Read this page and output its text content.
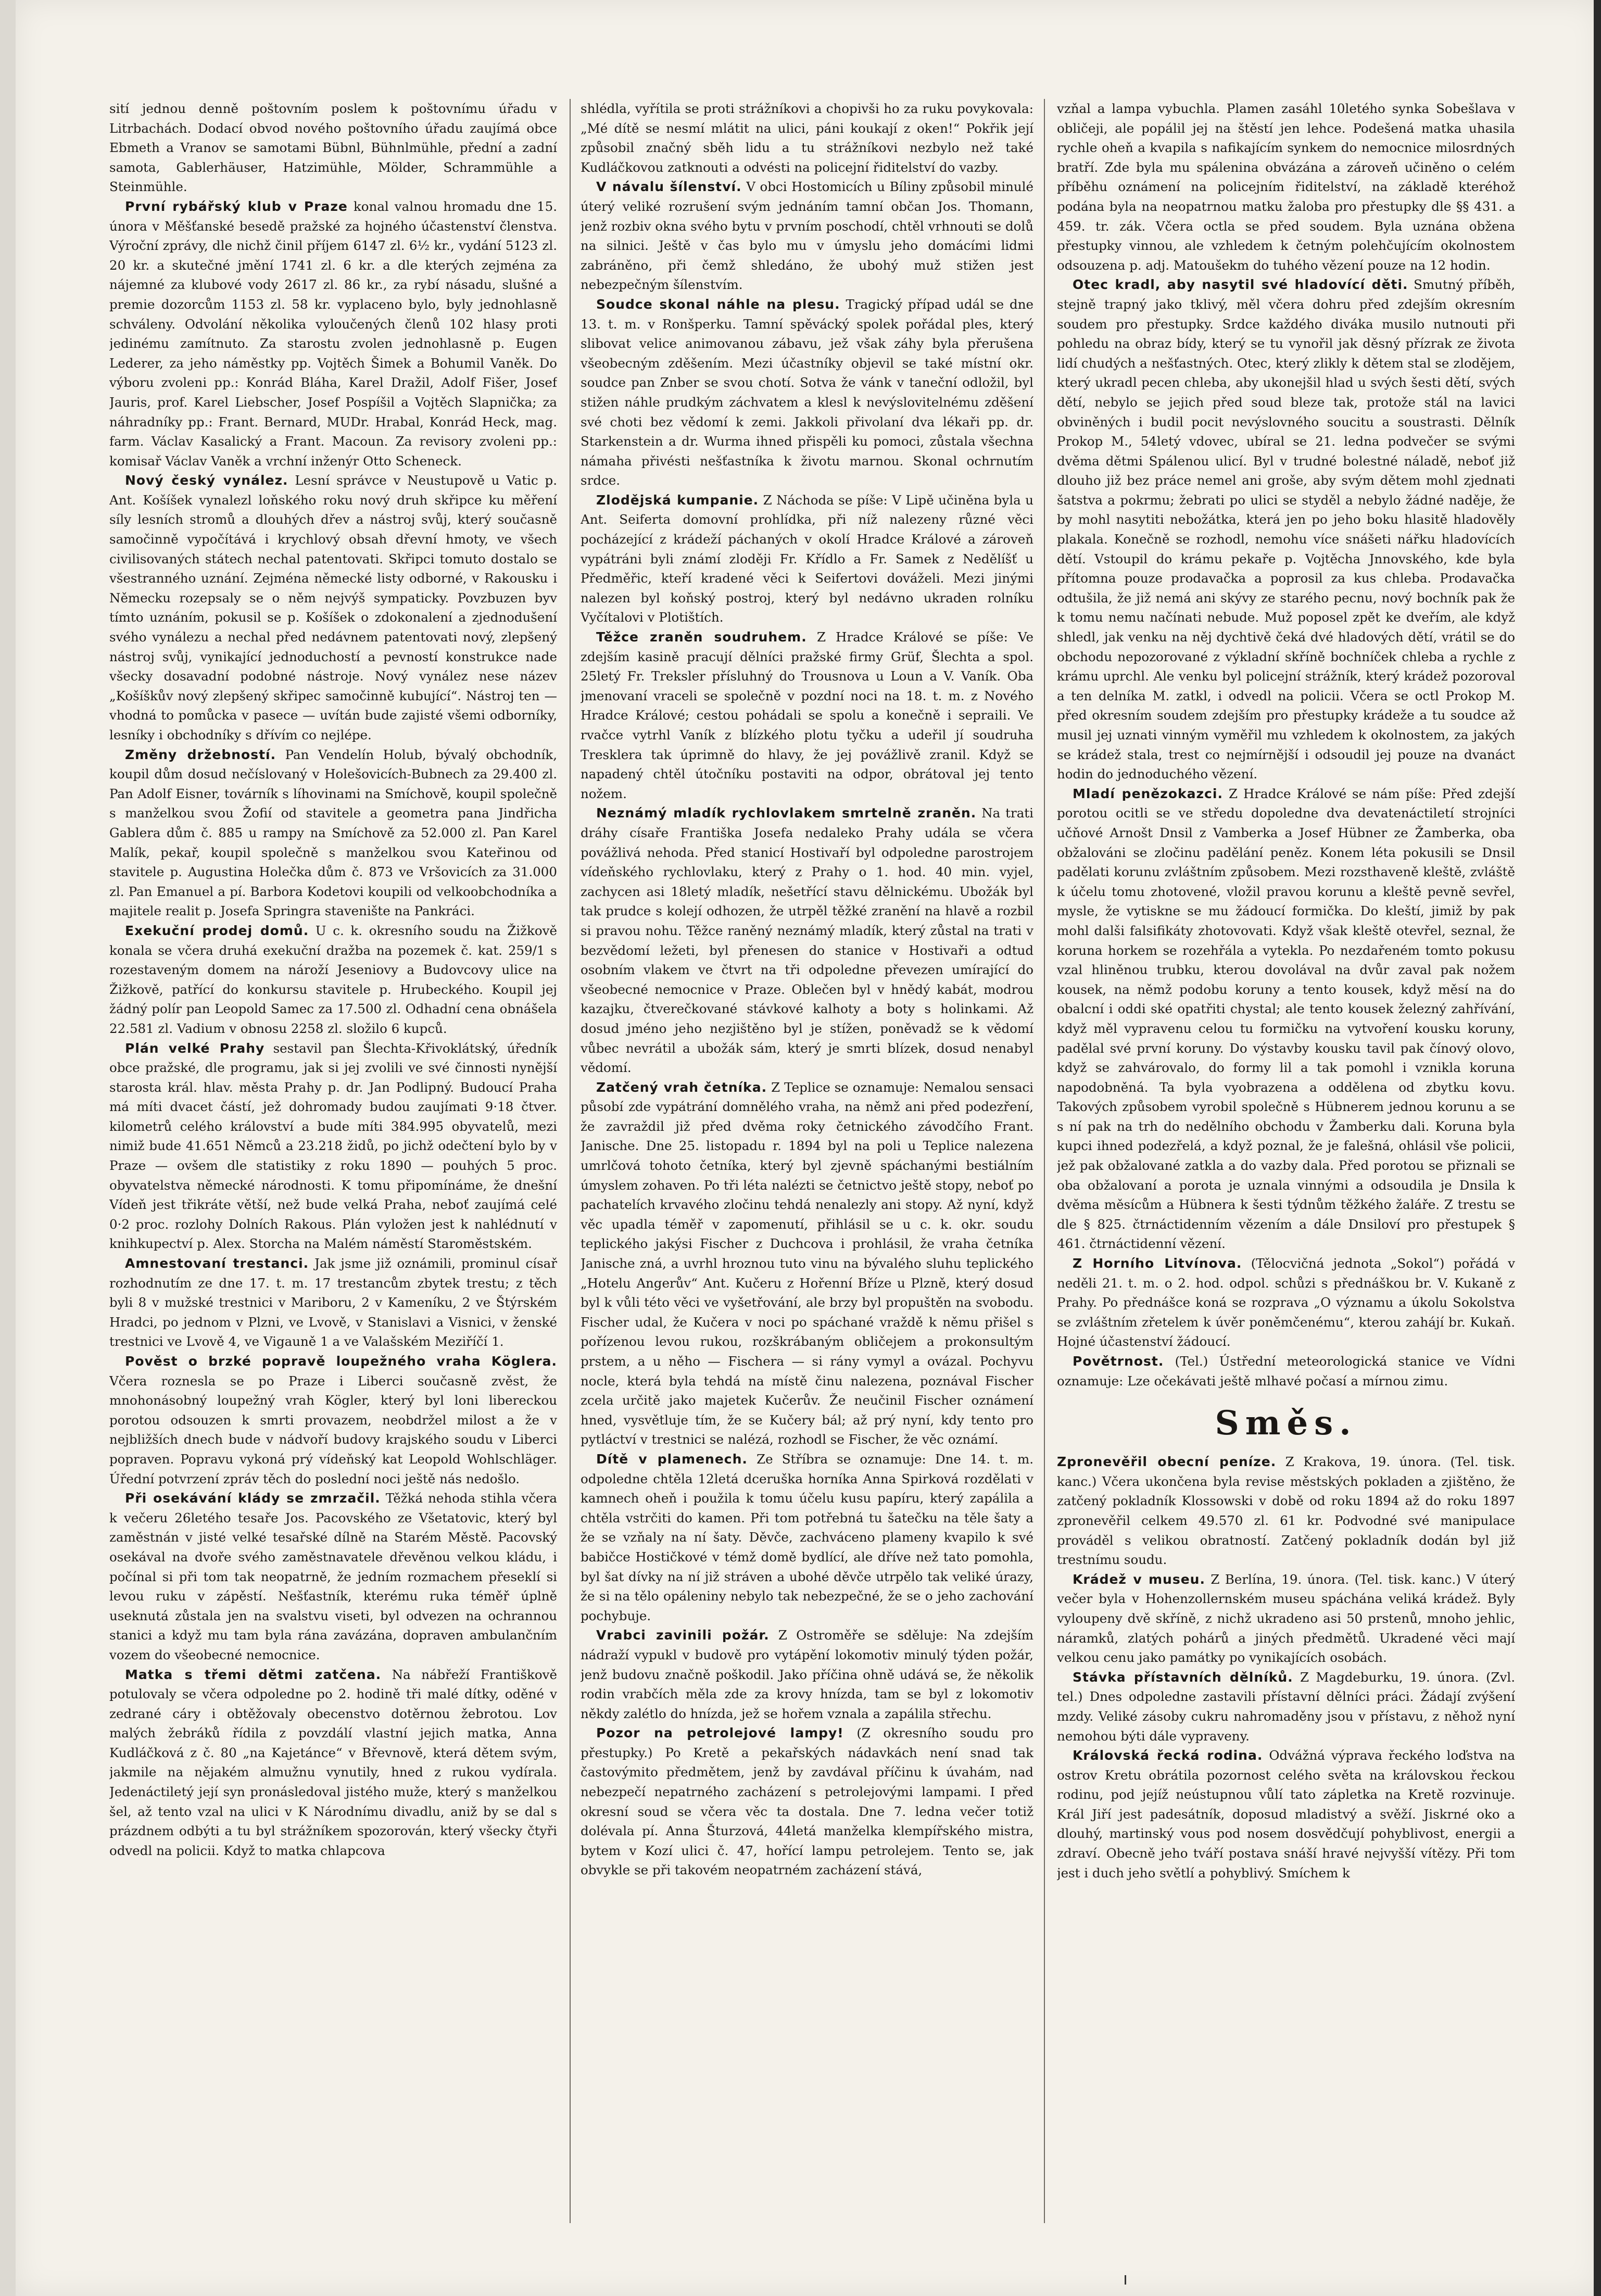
sití jednou denně poštovním poslem k poštovnímu úřadu v Litrbachách. Dodací obvod nového poštovního úřadu zaujímá obce Ebmeth a Vranov se samotami Bübnl, Bühnlmühle, přední a zadní samota, Gablerhäuser, Hatzimühle, Mölder, Schrammühle a Steinmühle.

První rybářský klub v Praze konal valnou hromadu dne 15. února v Měšťanské besedě pražské za hojného účastenství členstva. Výroční zprávy, dle nichž činil příjem 6147 zl. 6½ kr., vydání 5123 zl. 20 kr. a skutečné jmění 1741 zl. 6 kr. a dle kterých zejména za nájemné za klubové vody 2617 zl. 86 kr., za rybí násadu, slušné a premie dozorcům 1153 zl. 58 kr. vyplaceno bylo, byly jednohlasně schváleny. Odvolání několika vyloučených členů 102 hlasy proti jedinému zamítnuto. Za starostu zvolen jednohlasně p. Eugen Lederer, za jeho náměstky pp. Vojtěch Šimek a Bohumil Vaněk. Do výboru zvoleni pp.: Konrád Bláha, Karel Dražil, Adolf Fišer, Josef Jauris, prof. Karel Liebscher, Josef Pospíšil a Vojtěch Slapnička; za náhradníky pp.: Frant. Bernard, MUDr. Hrabal, Konrád Heck, mag. farm. Václav Kasalický a Frant. Macoun. Za revisory zvoleni pp.: komisař Václav Vaněk a vrchní inženýr Otto Scheneck.

Nový český vynález. Lesní správce v Neustupově u Vatic p. Ant. Košíšek vynalezl loňského roku nový druh skřipce ku měření síly lesních stromů a dlouhých dřev a nástroj svůj, který současně samočinně vypočítává i krychlový obsah dřevní hmoty, ve všech civilisovaných státech nechal patentovati. Skřipci tomuto dostalo se všestranného uznání. Zejména německé listy odborné, v Rakousku i Německu rozepsaly se o něm nejvýš sympaticky. Povzbuzen byv tímto uznáním, pokusil se p. Košíšek o zdokonalení a zjednodušení svého vynálezu a nechal před nedávnem patentovati nový, zlepšený nástroj svůj, vynikající jednoduchostí a pevností konstrukce nade všecky dosavadní podobné nástroje. Nový vynález nese název „Košíškův nový zlepšený skřipec samočinně kubující“. Nástroj ten — vhodná to pomůcka v pasece — uvítán bude zajisté všemi odborníky, lesníky i obchodníky s dřívím co nejlépe.

Změny držebností. Pan Vendelín Holub, bývalý obchodník, koupil dům dosud nečíslovaný v Holešovicích-Bubnech za 29.400 zl. Pan Adolf Eisner, továrník s líhovinami na Smíchově, koupil společně s manželkou svou Žofií od stavitele a geometra pana Jindřicha Gablera dům č. 885 u rampy na Smíchově za 52.000 zl. Pan Karel Malík, pekař, koupil společně s manželkou svou Kateřinou od stavitele p. Augustina Holečka dům č. 873 ve Vršovicích za 31.000 zl. Pan Emanuel a pí. Barbora Kodetovi koupili od velkoobchodníka a majitele realit p. Josefa Springra stavenište na Pankráci.

Exekuční prodej domů. U c. k. okresního soudu na Žižkově konala se včera druhá exekuční dražba na pozemek č. kat. 259/1 s rozestaveným domem na nároží Jeseniovy a Budovcovy ulice na Žižkově, patřící do konkursu stavitele p. Hrubeckého. Koupil jej žádný polír pan Leopold Samec za 17.500 zl. Odhadní cena obnášela 22.581 zl. Vadium v obnosu 2258 zl. složilo 6 kupců.

Plán velké Prahy sestavil pan Šlechta-Křivoklátský, úředník obce pražské, dle programu, jak si jej zvolili ve své činnosti nynější starosta král. hlav. města Prahy p. dr. Jan Podlipný. Budoucí Praha má míti dvacet částí, jež dohromady budou zaujímati 9·18 čtver. kilometrů celého království a bude míti 384.995 obyvatelů, mezi nimiž bude 41.651 Němců a 23.218 židů, po jichž odečtení bylo by v Praze — ovšem dle statistiky z roku 1890 — pouhých 5 proc. obyvatelstva německé národnosti. K tomu připomínáme, že dnešní Vídeň jest třikráte větší, než bude velká Praha, neboť zaujímá celé 0·2 proc. rozlohy Dolních Rakous. Plán vyložen jest k nahlédnutí v knihkupectví p. Alex. Storcha na Malém náměstí Staroměstském.

Amnestovaní trestanci. Jak jsme již oznámili, prominul císař rozhodnutím ze dne 17. t. m. 17 trestancům zbytek trestu; z těch byli 8 v mužské trestnici v Mariboru, 2 v Kameníku, 2 ve Štýrském Hradci, po jednom v Plzni, ve Lvově, v Stanislavi a Visnici, v ženské trestnici ve Lvově 4, ve Vigauně 1 a ve Valašském Meziříčí 1.

Pověst o brzké popravě loupežného vraha Köglera. Včera roznesla se po Praze i Liberci současně zvěst, že mnohonásobný loupežný vrah Kögler, který byl loni libereckou porotou odsouzen k smrti provazem, neobdržel milost a že v nejbližších dnech bude v nádvoří budovy krajského soudu v Liberci popraven. Popravu vykoná prý vídeňský kat Leopold Wohlschläger. Úřední potvrzení zpráv těch do poslední noci ještě nás nedošlo.

Při osekávání klády se zmrzačil. Těžká nehoda stihla včera k večeru 26letého tesaře Jos. Pacovského ze Všetatovic, který byl zaměstnán v jisté velké tesařské dílně na Starém Městě. Pacovský osekával na dvoře svého zaměstnavatele dřevěnou velkou kládu, i počínal si při tom tak neopatrně, že jedním rozmachem přeseklí si levou ruku v zápěstí. Nešťastník, kterému ruka téměř úplně useknutá zůstala jen na svalstvu viseti, byl odvezen na ochrannou stanici a když mu tam byla rána zavázána, dopraven ambulančním vozem do všeobecné nemocnice.

Matka s třemi dětmi zatčena. Na nábřeží Františkově potulovaly se včera odpoledne po 2. hodině tři malé dítky, oděné v zedrané cáry i obtěžovaly obecenstvo dotěrnou žebrotou. Lov malých žebráků řídila z povzdálí vlastní jejich matka, Anna Kudláčková z č. 80 „na Kajetánce“ v Břevnově, která dětem svým, jakmile na nějakém almužnu vynutily, hned z rukou vydírala. Jedenáctiletý její syn pronásledoval jistého muže, který s manželkou šel, až tento vzal na ulici v K Národnímu divadlu, aniž by se dal s prázdnem odbýti a tu byl strážníkem spozorován, který všecky čtyři odvedl na policii. Když to matka chlapcova

shlédla, vyřítila se proti strážníkovi a chopivši ho za ruku povykovala: „Mé dítě se nesmí mlátit na ulici, páni koukají z oken!“ Pokřik její způsobil značný sběh lidu a tu strážníkovi nezbylo než také Kudláčkovou zatknouti a odvésti na policejní řiditelství do vazby.

V návalu šílenství. V obci Hostomicích u Bíliny způsobil minulé úterý veliké rozrušení svým jednáním tamní občan Jos. Thomann, jenž rozbiv okna svého bytu v prvním poschodí, chtěl vrhnouti se dolů na silnici. Ještě v čas bylo mu v úmyslu jeho domácími lidmi zabráněno, při čemž shledáno, že ubohý muž stižen jest nebezpečným šílenstvím.

Soudce skonal náhle na plesu. Tragický případ udál se dne 13. t. m. v Ronšperku. Tamní spěvácký spolek pořádal ples, který slibovat velice animovanou zábavu, jež však záhy byla přerušena všeobecným zděšením. Mezi účastníky objevil se také místní okr. soudce pan Znber se svou chotí. Sotva že vánk v taneční odložil, byl stižen náhle prudkým záchvatem a klesl k nevýslovitelnému zděšení své choti bez vědomí k zemi. Jakkoli přivolaní dva lékaři pp. dr. Starkenstein a dr. Wurma ihned přispěli ku pomoci, zůstala všechna námaha přivésti nešťastníka k životu marnou. Skonal ochrnutím srdce.

Zlodějská kumpanie. Z Náchoda se píše: V Lipě učiněna byla u Ant. Seiferta domovní prohlídka, při níž nalezeny různé věci pocházející z krádeží páchaných v okolí Hradce Králové a zároveň vypátráni byli známí zloději Fr. Křídlo a Fr. Samek z Nedělíšť u Předměřic, kteří kradené věci k Seifertovi dováželi. Mezi jinými nalezen byl koňský postroj, který byl nedávno ukraden rolníku Vyčítalovi v Plotištích.

Těžce zraněn soudruhem. Z Hradce Králové se píše: Ve zdejším kasině pracují dělníci pražské firmy Grüf, Šlechta a spol. 25letý Fr. Treksler přísluhný do Trousnova u Loun a V. Vaník. Oba jmenovaní vraceli se společně v pozdní noci na 18. t. m. z Nového Hradce Králové; cestou pohádali se spolu a konečně i sepraili. Ve rvačce vytrhl Vaník z blízkého plotu tyčku a udeřil jí soudruha Tresklera tak úprimně do hlavy, že jej povážlivě zranil. Když se napadený chtěl útočníku postaviti na odpor, obrátoval jej tento nožem.

Neznámý mladík rychlovlakem smrtelně zraněn. Na trati dráhy císaře Františka Josefa nedaleko Prahy udála se včera povážlivá nehoda. Před stanicí Hostivaří byl odpoledne parostrojem vídeňského rychlovlaku, který z Prahy o 1. hod. 40 min. vyjel, zachycen asi 18letý mladík, nešetřící stavu dělnickému. Ubožák byl tak prudce s kolejí odhozen, že utrpěl těžké zranění na hlavě a rozbil si pravou nohu. Těžce raněný neznámý mladík, který zůstal na trati v bezvědomí ležeti, byl přenesen do stanice v Hostivaři a odtud osobním vlakem ve čtvrt na tři odpoledne převezen umírající do všeobecné nemocnice v Praze. Oblečen byl v hnědý kabát, modrou kazajku, čtverečkované stávkové kalhoty a boty s holinkami. Až dosud jméno jeho nezjištěno byl je stížen, poněvadž se k vědomí vůbec nevrátil a ubožák sám, který je smrti blízek, dosud nenabyl vědomí.

Zatčený vrah četníka. Z Teplice se oznamuje: Nemalou sensaci působí zde vypátrání domnělého vraha, na němž ani před podezření, že zavraždil již před dvěma roky četnického závodčího Frant. Janische. Dne 25. listopadu r. 1894 byl na poli u Teplice nalezena umrlčová tohoto četníka, který byl zjevně spáchanými bestiálním úmyslem zohaven. Po tři léta nalézti se četnictvo ještě stopy, neboť po pachatelích krvavého zločinu tehdá nenalezly ani stopy. Až nyní, když věc upadla téměř v zapomenutí, přihlásil se u c. k. okr. soudu teplického jakýsi Fischer z Duchcova i prohlásil, že vraha četníka Janische zná, a uvrhl hroznou tuto vinu na bývalého sluhu teplického „Hotelu Angerův“ Ant. Kučeru z Hořenní Bříze u Plzně, který dosud byl k vůli této věci ve vyšetřování, ale brzy byl propuštěn na svobodu. Fischer udal, že Kučera v noci po spáchané vraždě k němu přišel s pořízenou levou rukou, rozškrábaným obličejem a prokonsultým prstem, a u něho — Fischera — si rány vymyl a ovázal. Pochyvu nocle, která byla tehdá na místě činu nalezena, poznával Fischer zcela určitě jako majetek Kučerův. Že neučinil Fischer oznámení hned, vysvětluje tím, že se Kučery bál; až prý nyní, kdy tento pro pytláctví v trestnici se nalézá, rozhodl se Fischer, že věc oznámí.

Dítě v plamenech. Ze Stříbra se oznamuje: Dne 14. t. m. odpoledne chtěla 12letá dceruška horníka Anna Spirková rozdělati v kamnech oheň i použila k tomu účelu kusu papíru, který zapálila a chtěla vstrčiti do kamen. Při tom potřebná tu šatečku na těle šaty a že se vzňaly na ní šaty. Děvče, zachváceno plameny kvapilo k své babičce Hostičkové v témž domě bydlící, ale dříve než tato pomohla, byl šat dívky na ní již stráven a ubohé děvče utrpělo tak veliké úrazy, že si na tělo opáleniny nebylo tak nebezpečné, že se o jeho zachování pochybuje.

Vrabci zavinili požár. Z Ostroměře se sděluje: Na zdejším nádraží vypukl v budově pro vytápění lokomotiv minulý týden požár, jenž budovu značně poškodil. Jako příčina ohně udává se, že několik rodin vrabčích měla zde za krovy hnízda, tam se byl z lokomotiv někdy zalétlo do hnízda, jež se hořem vznala a zapálila střechu.

Pozor na petrolejové lampy! (Z okresního soudu pro přestupky.) Po Kretě a pekařských nádavkách není snad tak častovýmito předmětem, jenž by zavdával příčinu k úvahám, nad nebezpečí nepatrného zacházení s petrolejovými lampami. I před okresní soud se včera věc ta dostala. Dne 7. ledna večer totiž dolévala pí. Anna Šturzová, 44letá manželka klempířského mistra, bytem v Kozí ulici č. 47, hořící lampu petrolejem. Tento se, jak obvykle se při takovém neopatrném zacházení stává,

vzňal a lampa vybuchla. Plamen zasáhl 10letého synka Sobešlava v obličeji, ale popálil jej na štěstí jen lehce. Podešená matka uhasila rychle oheň a kvapila s nafikajícím synkem do nemocnice milosrdných bratří. Zde byla mu spálenina obvázána a zároveň učiněno o celém příběhu oznámení na policejním řiditelství, na základě kteréhož podána byla na neopatrnou matku žaloba pro přestupky dle §§ 431. a 459. tr. zák. Včera octla se před soudem. Byla uznána obžena přestupky vinnou, ale vzhledem k četným polehčujícím okolnostem odsouzena p. adj. Matoušekm do tuhého vězení pouze na 12 hodin.

Otec kradl, aby nasytil své hladovící děti. Smutný příběh, stejně trapný jako tklivý, měl včera dohru před zdejším okresním soudem pro přestupky. Srdce každého diváka musilo nutnouti při pohledu na obraz bídy, který se tu vynořil jak děsný přízrak ze života lidí chudých a nešťastných. Otec, který zlikly k dětem stal se zlodějem, který ukradl pecen chleba, aby ukonejšil hlad u svých šesti dětí, svých dětí, nebylo se jejich před soud bleze tak, protože stál na lavici obviněných i budil pocit nevýslovného soucitu a soustrasti. Dělník Prokop M., 54letý vdovec, ubíral se 21. ledna podvečer se svými dvěma dětmi Spálenou ulicí. Byl v trudné bolestné náladě, neboť již dlouho již bez práce nemel ani groše, aby svým dětem mohl zjednati šatstva a pokrmu; žebrati po ulici se styděl a nebylo žádné naděje, že by mohl nasytiti nebožátka, která jen po jeho boku hlasitě hladověly plakala. Konečně se rozhodl, nemohu více snášeti nářku hladovících dětí. Vstoupil do krámu pekaře p. Vojtěcha Jnnovského, kde byla přítomna pouze prodavačka a poprosil za kus chleba. Prodavačka odtušila, že již nemá ani skývy ze starého pecnu, nový bochník pak že k tomu nemu načínati nebude. Muž poposel zpět ke dveřím, ale když shledl, jak venku na něj dychtivě čeká dvé hladových dětí, vrátil se do obchodu nepozorované z výkladní skříně bochníček chleba a rychle z krámu uprchl. Ale venku byl policejní strážník, který krádež pozoroval a ten delníka M. zatkl, i odvedl na policii. Včera se octl Prokop M. před okresním soudem zdejším pro přestupky krádeže a tu soudce až musil jej uznati vinným vyměřil mu vzhledem k okolnostem, za jakých se krádež stala, trest co nejmírnější i odsoudil jej pouze na dvanáct hodin do jednoduchého vězení.

Mladí penězokazci. Z Hradce Králové se nám píše: Před zdejší porotou ocitli se ve středu dopoledne dva devatenáctiletí strojníci učňové Arnošt Dnsil z Vamberka a Josef Hübner ze Žamberka, oba obžalováni se zločinu padělání peněz. Konem léta pokusili se Dnsil padělati korunu zvláštním způsobem. Mezi rozsthaveně kleště, zvláště k účelu tomu zhotovené, vložil pravou korunu a kleště pevně sevřel, mysle, že vytiskne se mu žádoucí formička. Do kleští, jimiž by pak mohl dalši falsifikáty zhotovovati. Když však kleště otevřel, seznal, že koruna horkem se rozehřála a vytekla. Po nezdařeném tomto pokusu vzal hliněnou trubku, kterou dovolával na dvůr zaval pak nožem kousek, na němž podobu koruny a tento kousek, když měsí na do obalcní i oddi ské opatřiti chystal; ale tento kousek železný zahřívání, když měl vypravenu celou tu formičku na vytvoření kousku koruny, padělal své první koruny. Do výstavby kousku tavil pak čínový olovo, když se zahvárovalo, do formy lil a tak pomohl i vznikla koruna napodobněná. Ta byla vyobrazena a oddělena od zbytku kovu. Takových způsobem vyrobil společně s Hübnerem jednou korunu a se s ní pak na trh do nedělního obchodu v Žamberku dali. Koruna byla kupci ihned podezřelá, a když poznal, že je falešná, ohlásil vše policii, jež pak obžalované zatkla a do vazby dala. Před porotou se přiznali se oba obžalovaní a porota je uznala vinnými a odsoudila je Dnsila k dvěma měsícům a Hübnera k šesti týdnům těžkého žaláře. Z trestu se dle § 825. čtrnáctidenním vězením a dále Dnsiloví pro přestupek § 461. čtrnáctidenní vězení.

Z Horního Litvínova. (Tělocvičná jednota „Sokol“) pořádá v neděli 21. t. m. o 2. hod. odpol. schůzi s přednáškou br. V. Kukaně z Prahy. Po přednášce koná se rozprava „O významu a úkolu Sokolstva se zvláštním zřetelem k úvěr poněmčenému“, kterou zahájí br. Kukaň. Hojné účastenství žádoucí.

Povětrnost. (Tel.) Ústřední meteorologická stanice ve Vídni oznamuje: Lze očekávati ještě mlhavé počasí a mírnou zimu.

Směs.

Zpronevěřil obecní peníze. Z Krakova, 19. února. (Tel. tisk. kanc.) Včera ukončena byla revise městských pokladen a zjištěno, že zatčený pokladník Klossowski v době od roku 1894 až do roku 1897 zpronevěřil celkem 49.570 zl. 61 kr. Podvodné své manipulace prováděl s velikou obratností. Zatčený pokladník dodán byl již trestnímu soudu.

Krádež v museu. Z Berlína, 19. února. (Tel. tisk. kanc.) V úterý večer byla v Hohenzollernském museu spáchána veliká krádež. Byly vyloupeny dvě skříně, z nichž ukradeno asi 50 prstenů, mnoho jehlic, náramků, zlatých pohárů a jiných předmětů. Ukradené věci mají velkou cenu jako památky po vynikajících osobách.

Stávka přístavních dělníků. Z Magdeburku, 19. února. (Zvl. tel.) Dnes odpoledne zastavili přístavní dělníci práci. Žádají zvýšení mzdy. Veliké zásoby cukru nahromaděny jsou v přístavu, z něhož nyní nemohou býti dále vypraveny.

Královská řecká rodina. Odvážná výprava řeckého loďstva na ostrov Kretu obrátila pozornost celého světa na královskou řeckou rodinu, pod jejíž neústupnou vůlí tato zápletka na Kretě rozvinuje. Král Jiří jest padesátník, doposud mladistvý a svěží. Jiskrné oko a dlouhý, martinský vous pod nosem dosvědčují pohyblivost, energii a zdraví. Obecně jeho tváří postava snáší hravé nejvyšší vítězy. Při tom jest i duch jeho světlí a pohyblivý. Smíchem k
